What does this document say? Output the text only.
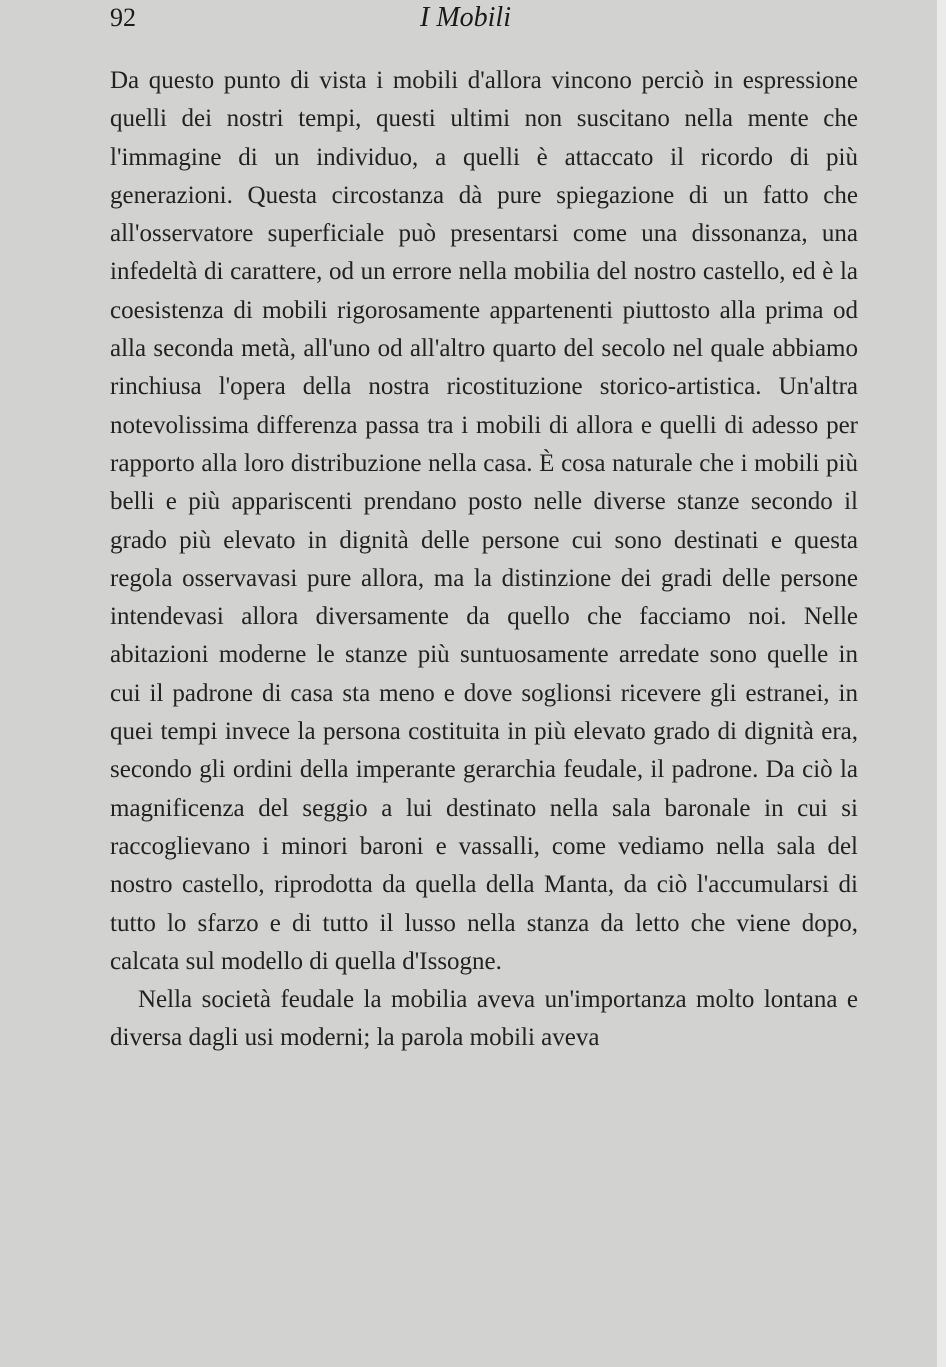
92	I Mobili

Da questo punto di vista i mobili d'allora vincono perciò in espressione quelli dei nostri tempi, questi ultimi non suscitano nella mente che l'immagine di un individuo, a quelli è attaccato il ricordo di più generazioni. Questa circostanza dà pure spiegazione di un fatto che all'osservatore superficiale può presentarsi come una dissonanza, una infedeltà di carattere, od un errore nella mobilia del nostro castello, ed è la coesistenza di mobili rigorosamente appartenenti piuttosto alla prima od alla seconda metà, all'uno od all'altro quarto del secolo nel quale abbiamo rinchiusa l'opera della nostra ricostituzione storico-artistica. Un'altra notevolissima differenza passa tra i mobili di allora e quelli di adesso per rapporto alla loro distribuzione nella casa. È cosa naturale che i mobili più belli e più appariscenti prendano posto nelle diverse stanze secondo il grado più elevato in dignità delle persone cui sono destinati e questa regola osservavasi pure allora, ma la distinzione dei gradi delle persone intendevasi allora diversamente da quello che facciamo noi. Nelle abitazioni moderne le stanze più suntuosamente arredate sono quelle in cui il padrone di casa sta meno e dove soglionsi ricevere gli estranei, in quei tempi invece la persona costituita in più elevato grado di dignità era, secondo gli ordini della imperante gerarchia feudale, il padrone. Da ciò la magnificenza del seggio a lui destinato nella sala baronale in cui si raccoglievano i minori baroni e vassalli, come vediamo nella sala del nostro castello, riprodotta da quella della Manta, da ciò l'accumularsi di tutto lo sfarzo e di tutto il lusso nella stanza da letto che viene dopo, calcata sul modello di quella d'Issogne.

Nella società feudale la mobilia aveva un'importanza molto lontana e diversa dagli usi moderni; la parola mobili aveva
